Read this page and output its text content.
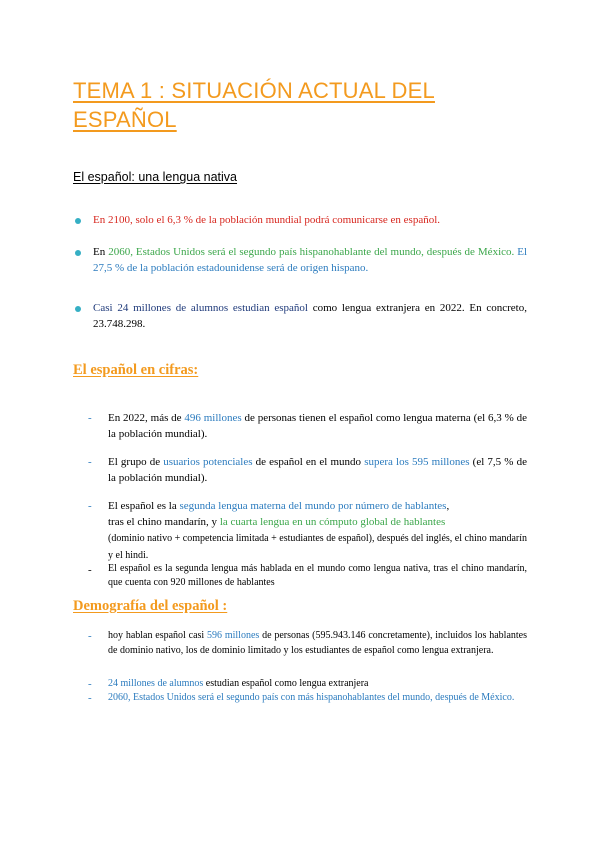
TEMA 1 : SITUACIÓN ACTUAL DEL ESPAÑOL
El español: una lengua nativa

En 2100, solo el 6,3 % de la población mundial podrá comunicarse en español.

En 2060, Estados Unidos será el segundo país hispanohablante del mundo, después de México. El 27,5 % de la población estadounidense será de origen hispano.

Casi 24 millones de alumnos estudian español como lengua extranjera en 2022. En concreto, 23.748.298.

El español en cifras:
- En 2022, más de 496 millones de personas tienen el español como lengua materna (el 6,3 % de la población mundial).

- El grupo de usuarios potenciales de español en el mundo supera los 595 millones (el 7,5 % de la población mundial).

- El español es la segunda lengua materna del mundo por número de hablantes,
tras el chino mandarín, y la cuarta lengua en un cómputo global de hablantes
(dominio nativo + competencia limitada + estudiantes de español), después del inglés, el chino mandarín y el hindi.

- El español es la segunda lengua más hablada en el mundo como lengua nativa, tras el chino mandarín, que cuenta con 920 millones de hablantes

Demografía del español :
- hoy hablan español casi 596 millones de personas (595.943.146 concretamente), incluidos los hablantes de dominio nativo, los de dominio limitado y los estudiantes de español como lengua extranjera.

- 24 millones de alumnos estudian español como lengua extranjera

- 2060, Estados Unidos será el segundo país con más hispanohablantes del mundo, después de México.
